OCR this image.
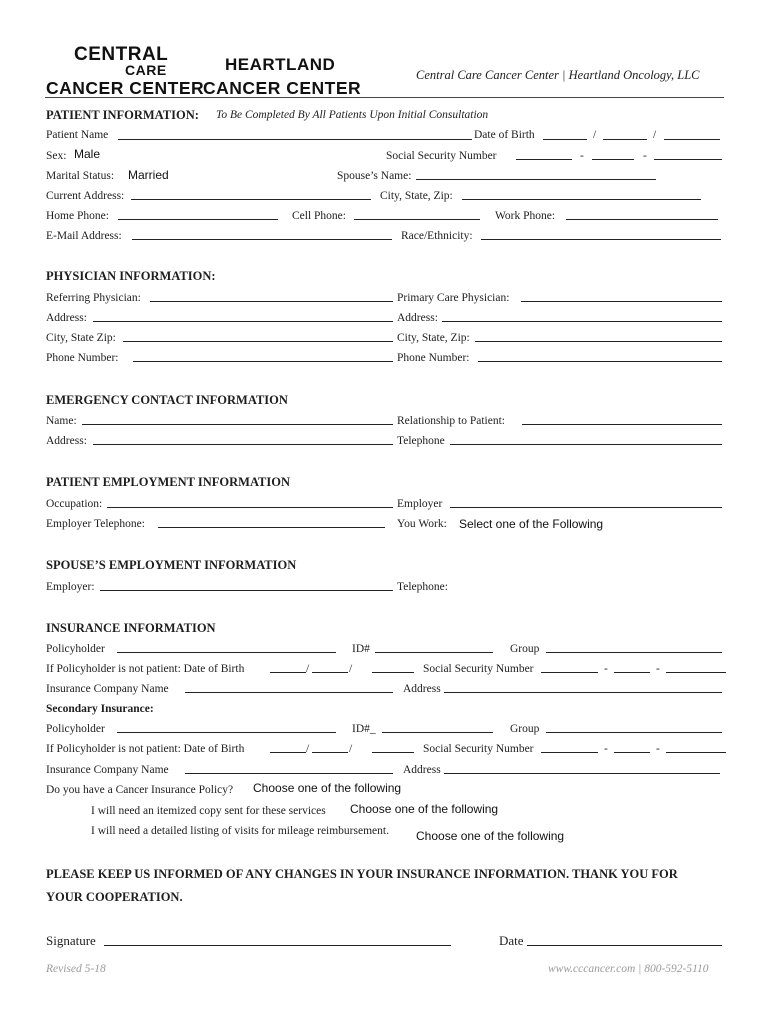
CENTRAL
CARE
CANCER CENTER
HEARTLAND
CANCER CENTER
Central Care Cancer Center | Heartland Oncology, LLC
PATIENT INFORMATION: To Be Completed By All Patients Upon Initial Consultation
Patient Name	Date of Birth	/	/
Sex: Male	Social Security Number	-	-
Marital Status: Married	Spouse’s Name:
Current Address:	City, State, Zip:
Home Phone:	Cell Phone:	Work Phone:
E-Mail Address:	Race/Ethnicity:
PHYSICIAN INFORMATION:
Referring Physician:	Primary Care Physician:
Address:	Address:
City, State Zip:	City, State, Zip:
Phone Number:	Phone Number:
EMERGENCY CONTACT INFORMATION
Name:	Relationship to Patient:
Address:	Telephone
PATIENT EMPLOYMENT INFORMATION
Occupation:	Employer
Employer Telephone:	You Work: Select one of the Following
SPOUSE’S EMPLOYMENT INFORMATION
Employer:	Telephone:
INSURANCE INFORMATION
Policyholder	ID#	Group
If Policyholder is not patient: Date of Birth	/	/	Social Security Number	-	-
Insurance Company Name	Address
Secondary Insurance:
Policyholder	ID#_	Group
If Policyholder is not patient: Date of Birth	/	/	Social Security Number	-	-
Insurance Company Name	Address
Do you have a Cancer Insurance Policy? Choose one of the following
I will need an itemized copy sent for these services Choose one of the following
I will need a detailed listing of visits for mileage reimbursement. Choose one of the following
PLEASE KEEP US INFORMED OF ANY CHANGES IN YOUR INSURANCE INFORMATION. THANK YOU FOR
YOUR COOPERATION.
Signature	Date
Revised 5-18	www.cccancer.com | 800-592-5110
